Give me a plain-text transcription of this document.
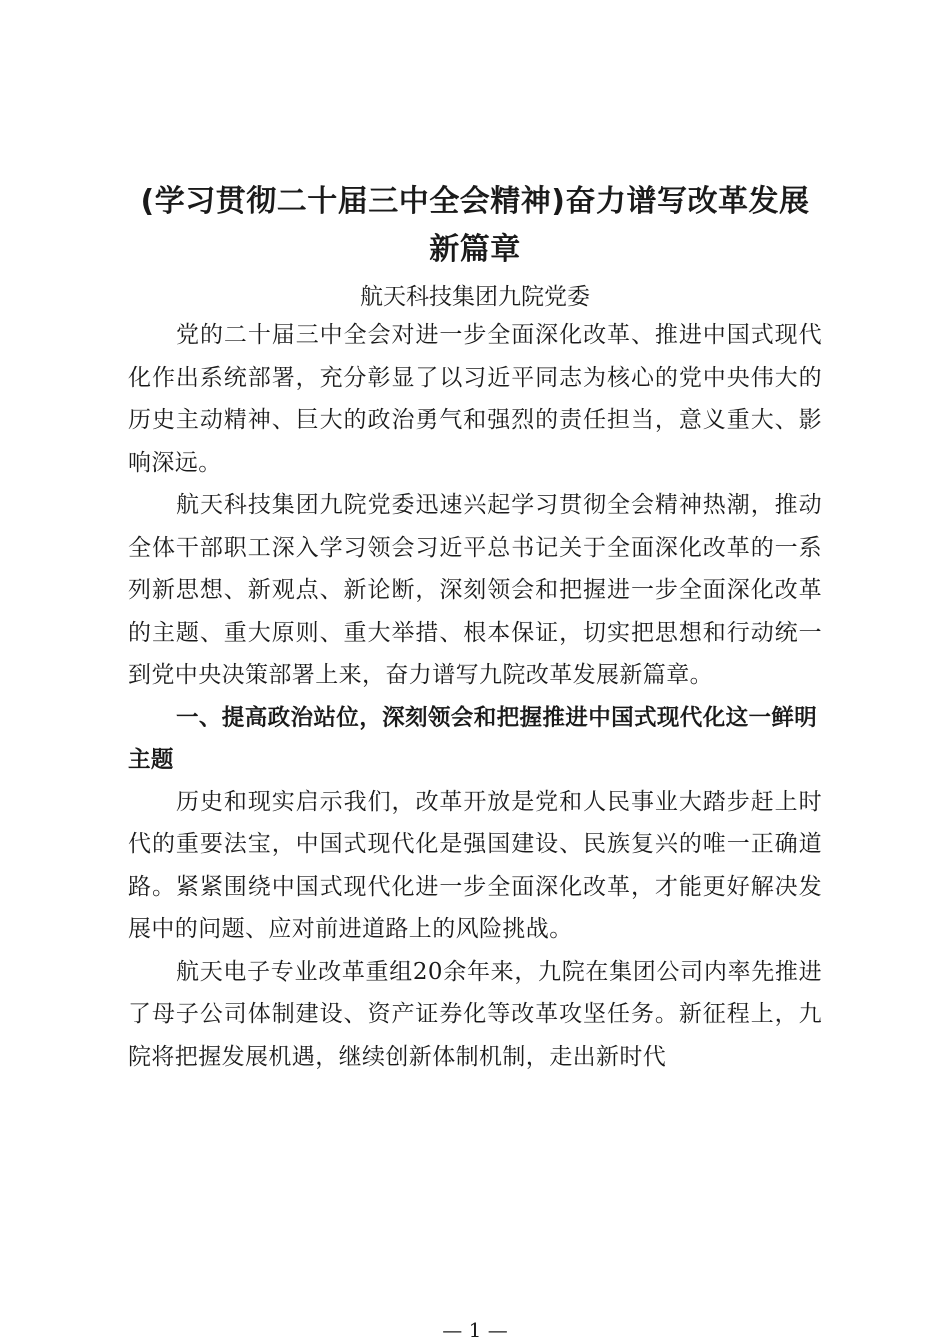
(学习贯彻二十届三中全会精神)奋力谱写改革发展新篇章

航天科技集团九院党委

党的二十届三中全会对进一步全面深化改革、推进中国式现代化作出系统部署，充分彰显了以习近平同志为核心的党中央伟大的历史主动精神、巨大的政治勇气和强烈的责任担当，意义重大、影响深远。

航天科技集团九院党委迅速兴起学习贯彻全会精神热潮，推动全体干部职工深入学习领会习近平总书记关于全面深化改革的一系列新思想、新观点、新论断，深刻领会和把握进一步全面深化改革的主题、重大原则、重大举措、根本保证，切实把思想和行动统一到党中央决策部署上来，奋力谱写九院改革发展新篇章。

一、提高政治站位，深刻领会和把握推进中国式现代化这一鲜明主题

历史和现实启示我们，改革开放是党和人民事业大踏步赶上时代的重要法宝，中国式现代化是强国建设、民族复兴的唯一正确道路。紧紧围绕中国式现代化进一步全面深化改革，才能更好解决发展中的问题、应对前进道路上的风险挑战。

航天电子专业改革重组20余年来，九院在集团公司内率先推进了母子公司体制建设、资产证券化等改革攻坚任务。新征程上，九院将把握发展机遇，继续创新体制机制，走出新时代

— 1 —
